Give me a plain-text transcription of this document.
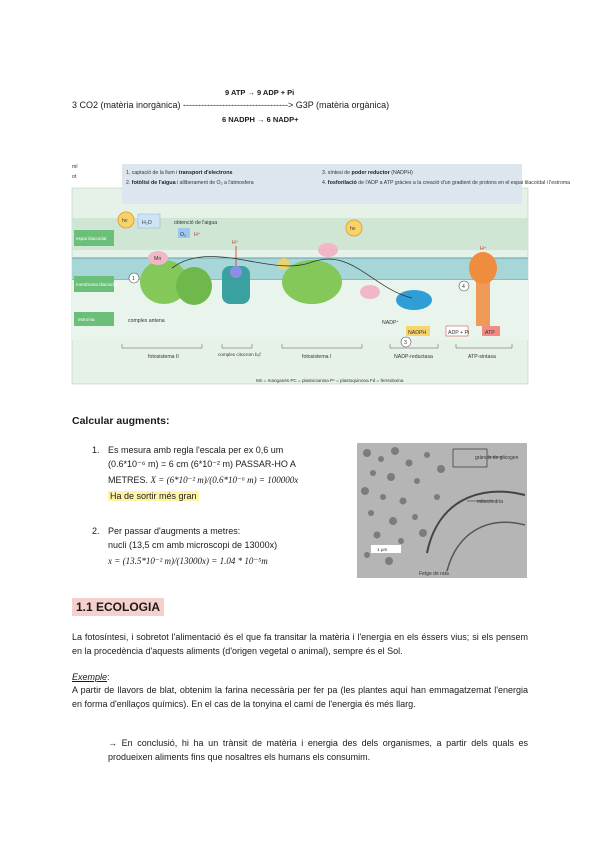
9 ATP → 9 ADP + Pi
3 CO2 (matèria inorgànica) -----------------------------------> G3P (matèria orgànica)
6 NADPH → 6 NADP+
ml
ot
1. captació de la llum i transport d'electrons
2. fotòlisi de l'aigua i alliberament de O₂ a l'atmosfera
3. síntesi de poder reductor (NADPH)
4. fosforilació de l'ADP a ATP gràcies a la creació d'un gradient de protons en el espai tilacoïdal i l'estroma
espai tilacoïdal
membrana tilacoïdal
estroma
hν
hν
H₂O	obtenció de l'aigua
O₂ H⁺
Mn
1
complex antena
H⁺
NADP⁺
NADPH
3
H⁺
4
ADP + Pi	ATP
fotosistema II	complex citocrom b₆f	fotosistema I	NADP-reductasa	ATP-sintasa
Mn = manganès PC = plastocianina Pⁿ = plastoquinona Fd = ferredoxina
Calcular augments:
1. Es mesura amb regla l'escala per ex 0,6 um
(0.6*10⁻⁶ m) = 6 cm (6*10⁻² m) PASSAR-HO A
METRES. X = (6*10⁻² m)/(0.6*10⁻⁶ m) = 100000x
Ha de sortir més gran
2. Per passar d'augments a metres:
nucli (13,5 cm amb microscopi de 13000x)
x = (13.5*10⁻² m)/(13000x) = 1.04 * 10⁻⁵m
grànuls de glicogen
mitocòndria
1 µm
Fetge de rata
1.1 ECOLOGIA
La fotosíntesi, i sobretot l'alimentació és el que fa transitar la matèria i l'energia en els éssers vius; si els pensem en la procedència d'aquests aliments (d'origen vegetal o animal), sempre és el Sol.
Exemple:
A partir de llavors de blat, obtenim la farina necessària per fer pa (les plantes aquí han emmagatzemat l'energia en forma d'enllaços químics). En el cas de la tonyina el camí de l'energia és més llarg.
→ En conclusió, hi ha un trànsit de matèria i energia des dels organismes, a partir dels quals es produeixen aliments fins que nosaltres els humans els consumim.
